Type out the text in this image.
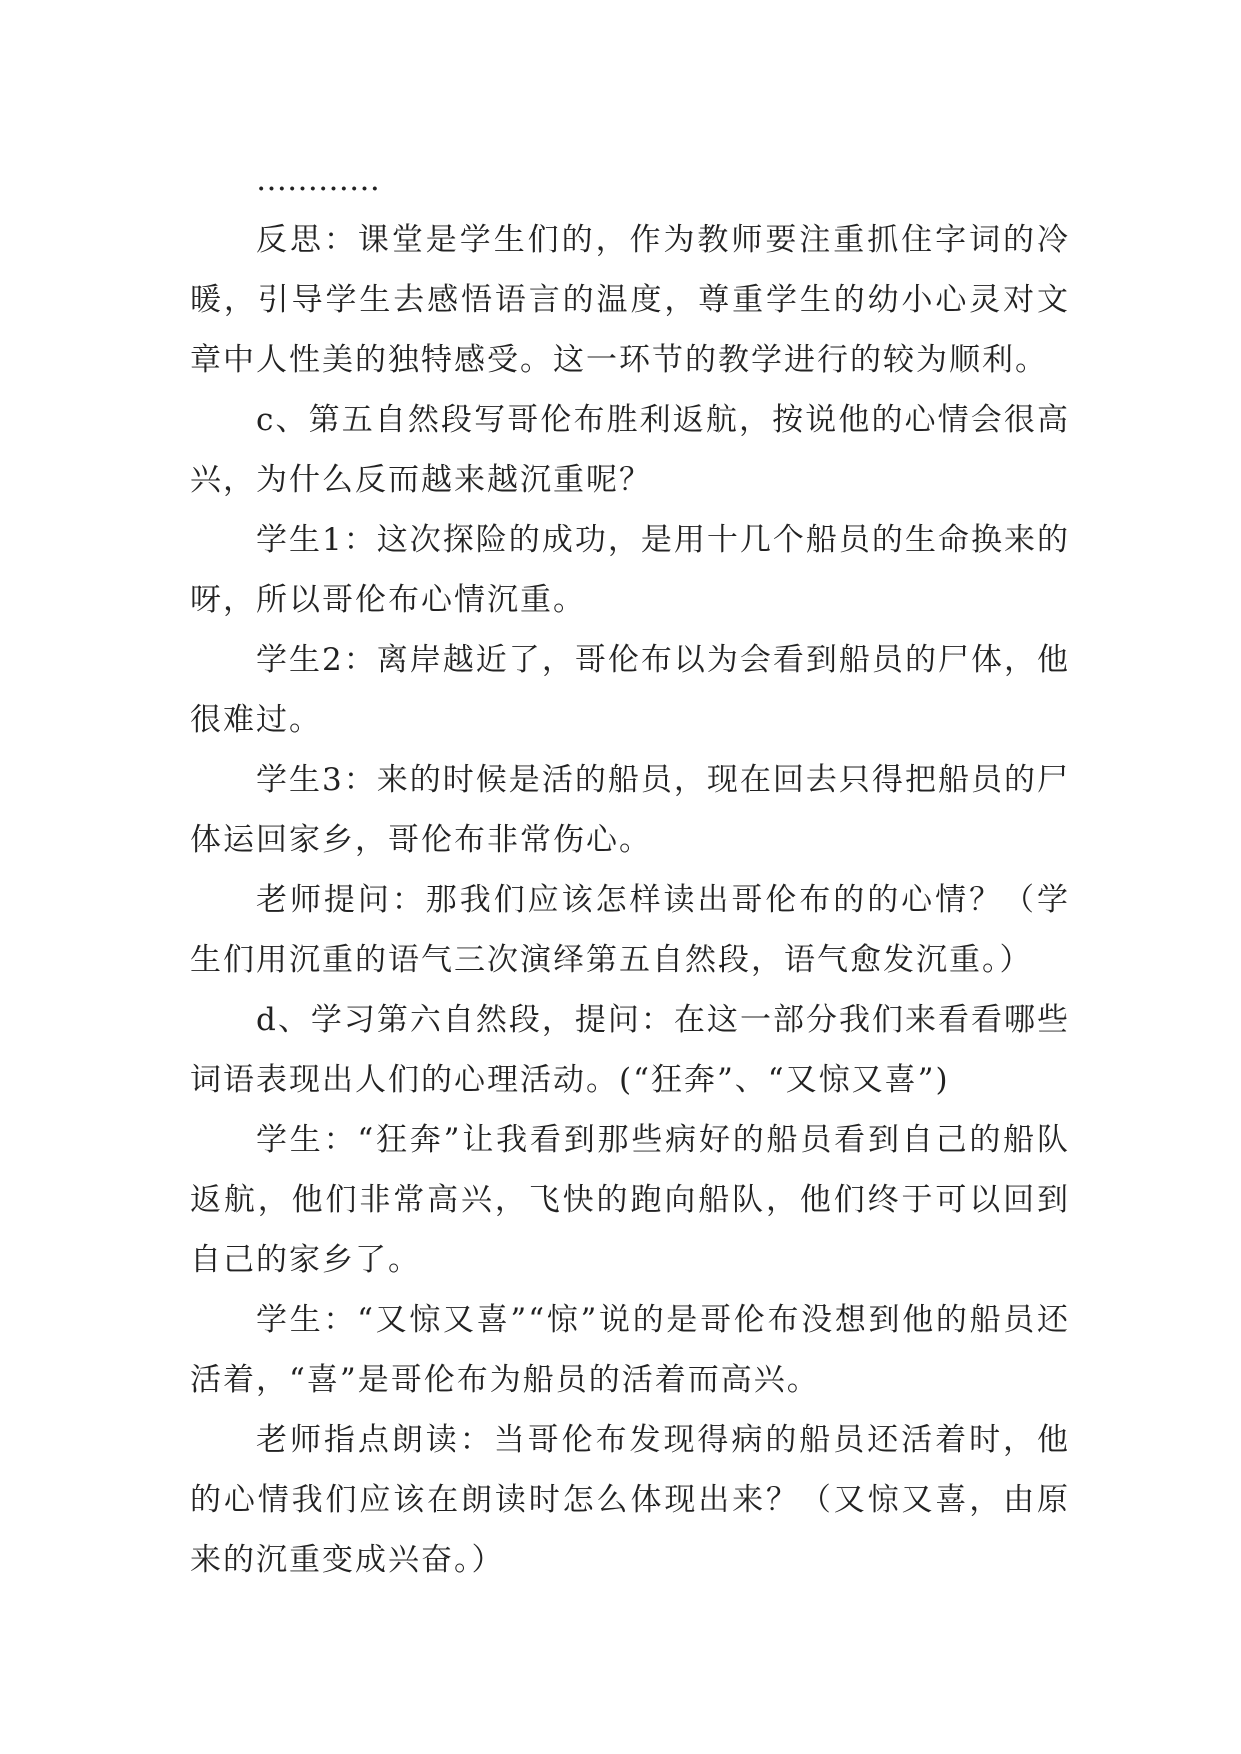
…………

反思：课堂是学生们的，作为教师要注重抓住字词的冷暖，引导学生去感悟语言的温度，尊重学生的幼小心灵对文章中人性美的独特感受。这一环节的教学进行的较为顺利。

c、第五自然段写哥伦布胜利返航，按说他的心情会很高兴，为什么反而越来越沉重呢？

学生1：这次探险的成功，是用十几个船员的生命换来的呀，所以哥伦布心情沉重。

学生2：离岸越近了，哥伦布以为会看到船员的尸体，他很难过。

学生3：来的时候是活的船员，现在回去只得把船员的尸体运回家乡，哥伦布非常伤心。

老师提问：那我们应该怎样读出哥伦布的的心情？（学生们用沉重的语气三次演绎第五自然段，语气愈发沉重。）

d、学习第六自然段，提问：在这一部分我们来看看哪些词语表现出人们的心理活动。(“狂奔”、“又惊又喜”)

学生：“狂奔”让我看到那些病好的船员看到自己的船队返航，他们非常高兴，飞快的跑向船队，他们终于可以回到自己的家乡了。

学生：“又惊又喜”“惊”说的是哥伦布没想到他的船员还活着，“喜”是哥伦布为船员的活着而高兴。

老师指点朗读：当哥伦布发现得病的船员还活着时，他的心情我们应该在朗读时怎么体现出来？（又惊又喜，由原来的沉重变成兴奋。）
